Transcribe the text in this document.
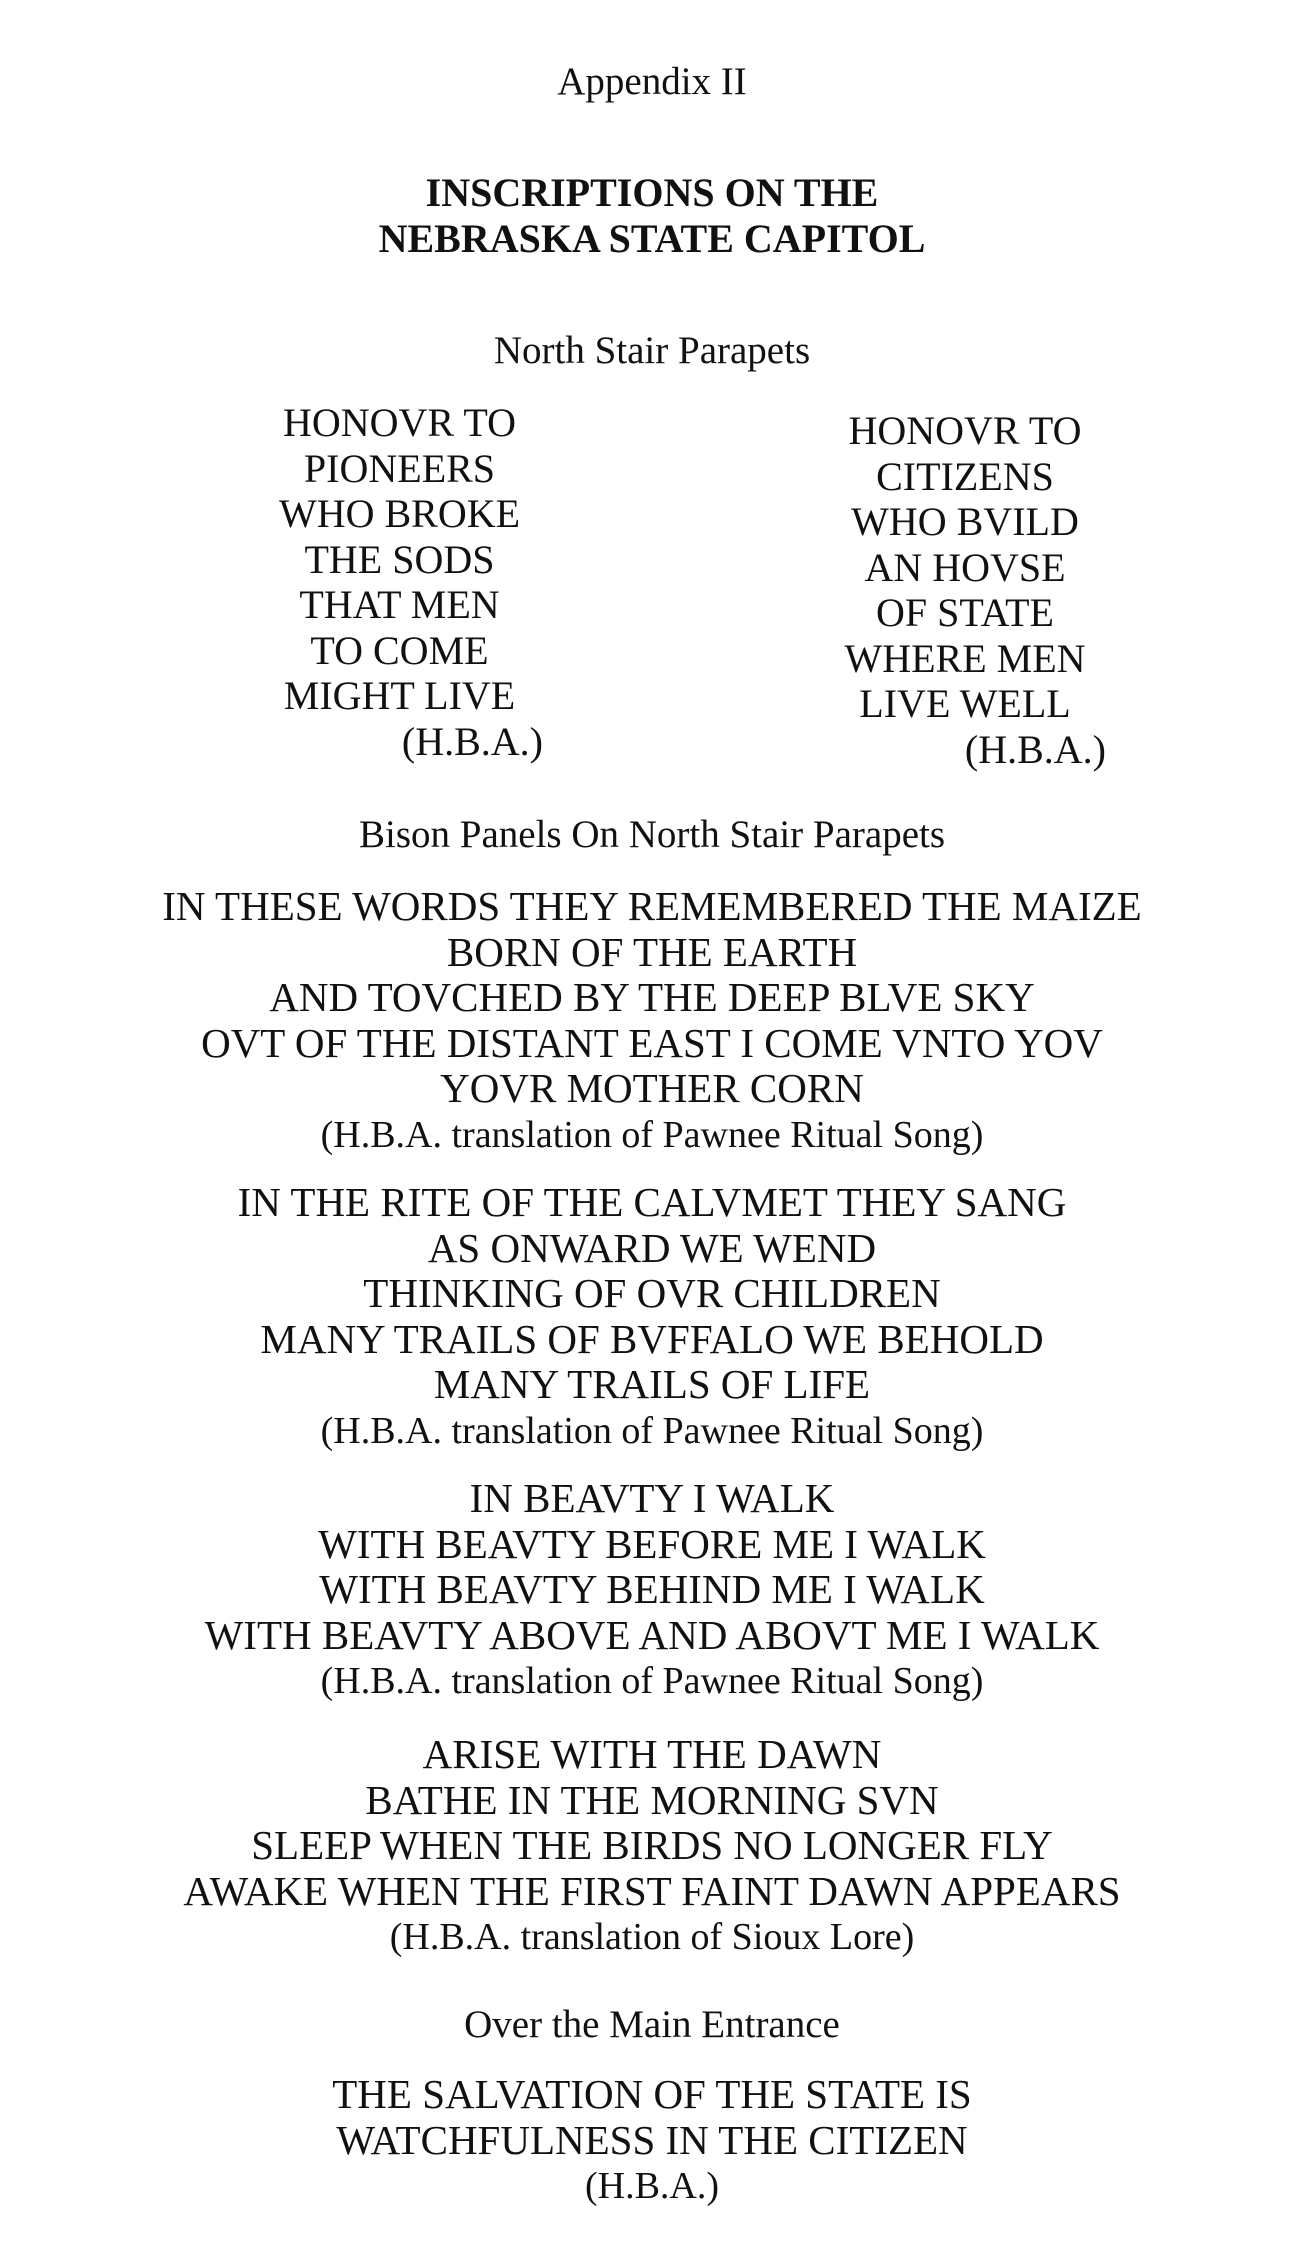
Appendix II
INSCRIPTIONS ON THE
NEBRASKA STATE CAPITOL
North Stair Parapets
HONOVR TO
PIONEERS
WHO BROKE
THE SODS
THAT MEN
TO COME
MIGHT LIVE
(H.B.A.)
HONOVR TO
CITIZENS
WHO BVILD
AN HOVSE
OF STATE
WHERE MEN
LIVE WELL
(H.B.A.)
Bison Panels On North Stair Parapets
IN THESE WORDS THEY REMEMBERED THE MAIZE
BORN OF THE EARTH
AND TOVCHED BY THE DEEP BLVE SKY
OVT OF THE DISTANT EAST I COME VNTO YOV
YOVR MOTHER CORN
(H.B.A. translation of Pawnee Ritual Song)
IN THE RITE OF THE CALVMET THEY SANG
AS ONWARD WE WEND
THINKING OF OVR CHILDREN
MANY TRAILS OF BVFFALO WE BEHOLD
MANY TRAILS OF LIFE
(H.B.A. translation of Pawnee Ritual Song)
IN BEAVTY I WALK
WITH BEAVTY BEFORE ME I WALK
WITH BEAVTY BEHIND ME I WALK
WITH BEAVTY ABOVE AND ABOVT ME I WALK
(H.B.A. translation of Pawnee Ritual Song)
ARISE WITH THE DAWN
BATHE IN THE MORNING SVN
SLEEP WHEN THE BIRDS NO LONGER FLY
AWAKE WHEN THE FIRST FAINT DAWN APPEARS
(H.B.A. translation of Sioux Lore)
Over the Main Entrance
THE SALVATION OF THE STATE IS
WATCHFULNESS IN THE CITIZEN
(H.B.A.)
